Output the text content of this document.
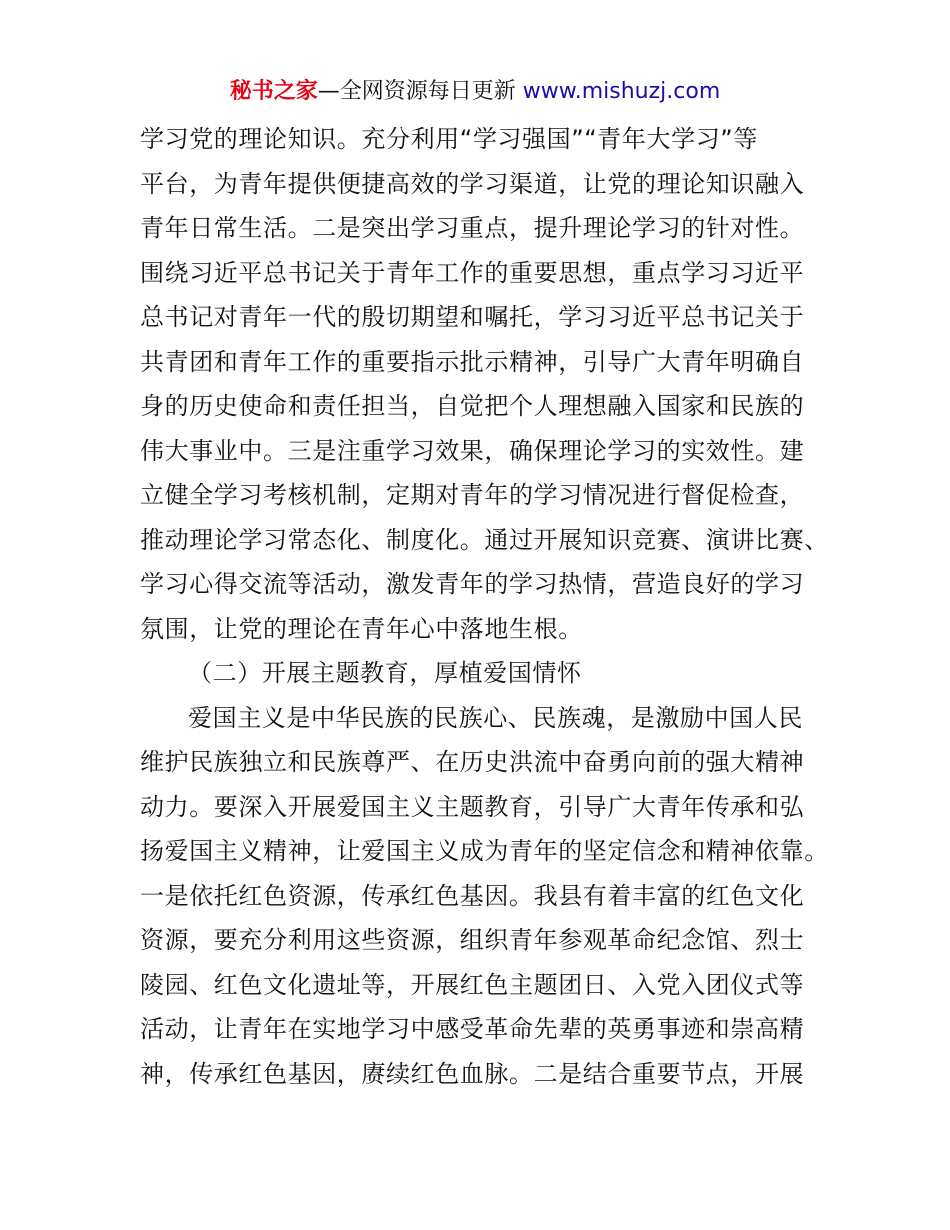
秘书之家—全网资源每日更新 www.mishuzj.com
学习党的理论知识。充分利用“学习强国”“青年大学习”等
平台，为青年提供便捷高效的学习渠道，让党的理论知识融入
青年日常生活。二是突出学习重点，提升理论学习的针对性。
围绕习近平总书记关于青年工作的重要思想，重点学习习近平
总书记对青年一代的殷切期望和嘱托，学习习近平总书记关于
共青团和青年工作的重要指示批示精神，引导广大青年明确自
身的历史使命和责任担当，自觉把个人理想融入国家和民族的
伟大事业中。三是注重学习效果，确保理论学习的实效性。建
立健全学习考核机制，定期对青年的学习情况进行督促检查，
推动理论学习常态化、制度化。通过开展知识竞赛、演讲比赛、
学习心得交流等活动，激发青年的学习热情，营造良好的学习
氛围，让党的理论在青年心中落地生根。
（二）开展主题教育，厚植爱国情怀
爱国主义是中华民族的民族心、民族魂，是激励中国人民
维护民族独立和民族尊严、在历史洪流中奋勇向前的强大精神
动力。要深入开展爱国主义主题教育，引导广大青年传承和弘
扬爱国主义精神，让爱国主义成为青年的坚定信念和精神依靠。
一是依托红色资源，传承红色基因。我县有着丰富的红色文化
资源，要充分利用这些资源，组织青年参观革命纪念馆、烈士
陵园、红色文化遗址等，开展红色主题团日、入党入团仪式等
活动，让青年在实地学习中感受革命先辈的英勇事迹和崇高精
神，传承红色基因，赓续红色血脉。二是结合重要节点，开展
